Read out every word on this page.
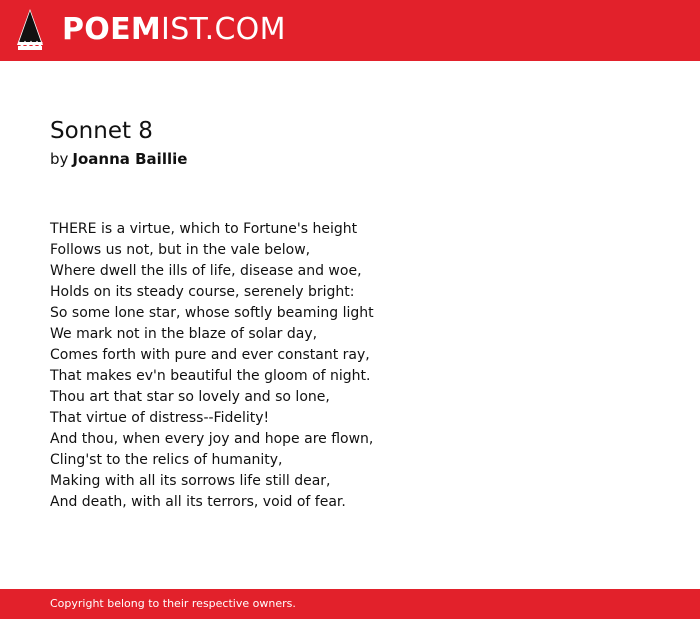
POEMIST.COM
Sonnet 8
by Joanna Baillie
THERE is a virtue, which to Fortune's height
Follows us not, but in the vale below,
Where dwell the ills of life, disease and woe,
Holds on its steady course, serenely bright:
So some lone star, whose softly beaming light
We mark not in the blaze of solar day,
Comes forth with pure and ever constant ray,
That makes ev'n beautiful the gloom of night.
Thou art that star so lovely and so lone,
That virtue of distress--Fidelity!
And thou, when every joy and hope are flown,
Cling'st to the relics of humanity,
Making with all its sorrows life still dear,
And death, with all its terrors, void of fear.
Copyright belong to their respective owners.
